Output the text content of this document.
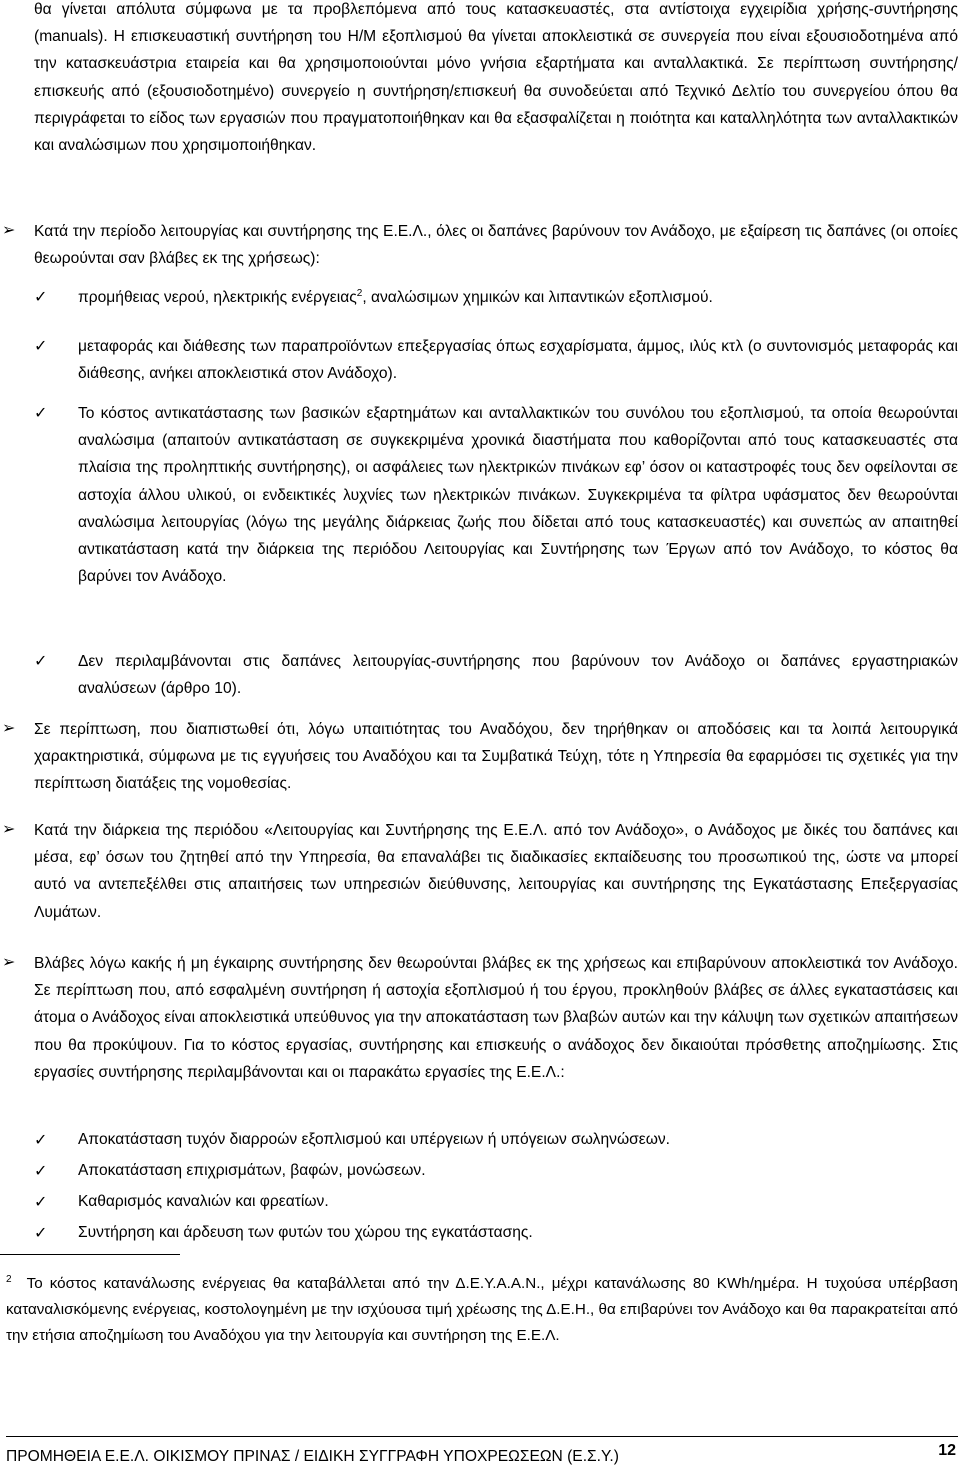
θα γίνεται απόλυτα σύμφωνα με τα προβλεπόμενα από τους κατασκευαστές, στα αντίστοιχα εγχειρίδια χρήσης-συντήρησης (manuals). Η επισκευαστική συντήρηση του Η/Μ εξοπλισμού θα γίνεται αποκλειστικά σε συνεργεία που είναι εξουσιοδοτημένα από την κατασκευάστρια εταιρεία και θα χρησιμοποιούνται μόνο γνήσια εξαρτήματα και ανταλλακτικά. Σε περίπτωση συντήρησης/επισκευής από (εξουσιοδοτημένο) συνεργείο η συντήρηση/επισκευή θα συνοδεύεται από Τεχνικό Δελτίο του συνεργείου όπου θα περιγράφεται το είδος των εργασιών που πραγματοποιήθηκαν και θα εξασφαλίζεται η ποιότητα και καταλληλότητα των ανταλλακτικών και αναλώσιμων που χρησιμοποιήθηκαν.

➢ Κατά την περίοδο λειτουργίας και συντήρησης της Ε.Ε.Λ., όλες οι δαπάνες βαρύνουν τον Ανάδοχο, με εξαίρεση τις δαπάνες (οι οποίες θεωρούνται σαν βλάβες εκ της χρήσεως):

✓ προμήθειας νερού, ηλεκτρικής ενέργειας$^2$, αναλώσιμων χημικών και λιπαντικών εξοπλισμού.

✓ μεταφοράς και διάθεσης των παραπροϊόντων επεξεργασίας όπως εσχαρίσματα, άμμος, ιλύς κτλ (ο συντονισμός μεταφοράς και διάθεσης, ανήκει αποκλειστικά στον Ανάδοχο).

✓ Το κόστος αντικατάστασης των βασικών εξαρτημάτων και ανταλλακτικών του συνόλου του εξοπλισμού, τα οποία θεωρούνται αναλώσιμα (απαιτούν αντικατάσταση σε συγκεκριμένα χρονικά διαστήματα που καθορίζονται από τους κατασκευαστές στα πλαίσια της προληπτικής συντήρησης), οι ασφάλειες των ηλεκτρικών πινάκων εφ’ όσον οι καταστροφές τους δεν οφείλονται σε αστοχία άλλου υλικού, οι ενδεικτικές λυχνίες των ηλεκτρικών πινάκων. Συγκεκριμένα τα φίλτρα υφάσματος δεν θεωρούνται αναλώσιμα λειτουργίας (λόγω της μεγάλης διάρκειας ζωής που δίδεται από τους κατασκευαστές) και συνεπώς αν απαιτηθεί αντικατάσταση κατά την διάρκεια της περιόδου Λειτουργίας και Συντήρησης των Έργων από τον Ανάδοχο, το κόστος θα βαρύνει τον Ανάδοχο.

✓ Δεν περιλαμβάνονται στις δαπάνες λειτουργίας-συντήρησης που βαρύνουν τον Ανάδοχο οι δαπάνες εργαστηριακών αναλύσεων (άρθρο 10).

➢ Σε περίπτωση, που διαπιστωθεί ότι, λόγω υπαιτιότητας του Αναδόχου, δεν τηρήθηκαν οι αποδόσεις και τα λοιπά λειτουργικά χαρακτηριστικά, σύμφωνα με τις εγγυήσεις του Αναδόχου και τα Συμβατικά Τεύχη, τότε η Υπηρεσία θα εφαρμόσει τις σχετικές για την περίπτωση διατάξεις της νομοθεσίας.

➢ Κατά την διάρκεια της περιόδου «Λειτουργίας και Συντήρησης της Ε.Ε.Λ. από τον Ανάδοχο», ο Ανάδοχος με δικές του δαπάνες και μέσα, εφ’ όσων του ζητηθεί από την Υπηρεσία, θα επαναλάβει τις διαδικασίες εκπαίδευσης του προσωπικού της, ώστε να μπορεί αυτό να αντεπεξέλθει στις απαιτήσεις των υπηρεσιών διεύθυνσης, λειτουργίας και συντήρησης της Εγκατάστασης Επεξεργασίας Λυμάτων.

➢ Βλάβες λόγω κακής ή μη έγκαιρης συντήρησης δεν θεωρούνται βλάβες εκ της χρήσεως και επιβαρύνουν αποκλειστικά τον Ανάδοχο. Σε περίπτωση που, από εσφαλμένη συντήρηση ή αστοχία εξοπλισμού ή του έργου, προκληθούν βλάβες σε άλλες εγκαταστάσεις και άτομα ο Ανάδοχος είναι αποκλειστικά υπεύθυνος για την αποκατάσταση των βλαβών αυτών και την κάλυψη των σχετικών απαιτήσεων που θα προκύψουν. Για το κόστος εργασίας, συντήρησης και επισκευής ο ανάδοχος δεν δικαιούται πρόσθετης αποζημίωσης. Στις εργασίες συντήρησης περιλαμβάνονται και οι παρακάτω εργασίες της Ε.Ε.Λ.:

✓ Αποκατάσταση τυχόν διαρροών εξοπλισμού και υπέργειων ή υπόγειων σωληνώσεων.
✓ Αποκατάσταση επιχρισμάτων, βαφών, μονώσεων.
✓ Καθαρισμός καναλιών και φρεατίων.
✓ Συντήρηση και άρδευση των φυτών του χώρου της εγκατάστασης.
$^2$ Το κόστος κατανάλωσης ενέργειας θα καταβάλλεται από την Δ.Ε.Υ.Α.Α.Ν., μέχρι κατανάλωσης 80 KWh/ημέρα. Η τυχούσα υπέρβαση καταναλισκόμενης ενέργειας, κοστολογημένη με την ισχύουσα τιμή χρέωσης της Δ.Ε.Η., θα επιβαρύνει τον Ανάδοχο και θα παρακρατείται από την ετήσια αποζημίωση του Αναδόχου για την λειτουργία και συντήρηση της Ε.Ε.Λ.
ΠΡΟΜΗΘΕΙΑ Ε.Ε.Λ. ΟΙΚΙΣΜΟΥ ΠΡΙΝΑΣ / ΕΙΔΙΚΗ ΣΥΓΓΡΑΦΗ ΥΠΟΧΡΕΩΣΕΩΝ (Ε.Σ.Υ.)	12
